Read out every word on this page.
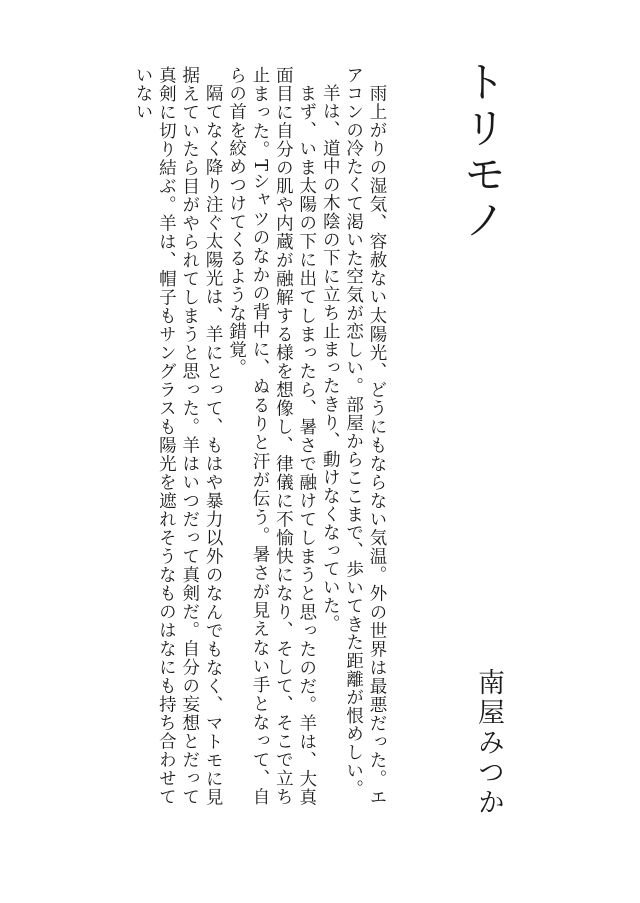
トリモノ
南屋みつか

雨上がりの湿気、容赦ない太陽光、どうにもならない気温。外の世界は最悪だった。エアコンの冷たくて渇いた空気が恋しい。部屋からここまで、歩いてきた距離が恨めしい。

羊は、道中の木陰の下に立ち止まったきり、動けなくなっていた。

まず、いま太陽の下に出てしまったら、暑さで融けてしまうと思ったのだ。羊は、大真面目に自分の肌や内蔵が融解する様を想像し、律儀に不愉快になり、そして、そこで立ち止まった。Tシャツのなかの背中に、ぬるりと汗が伝う。暑さが見えない手となって、自らの首を絞めつけてくるような錯覚。

隔てなく降り注ぐ太陽光は、羊にとって、もはや暴力以外のなんでもなく、マトモに見据えていたら目がやられてしまうと思った。羊はいつだって真剣だ。自分の妄想とだって真剣に切り結ぶ。羊は、帽子もサングラスも陽光を遮れそうなものはなにも持ち合わせていない
